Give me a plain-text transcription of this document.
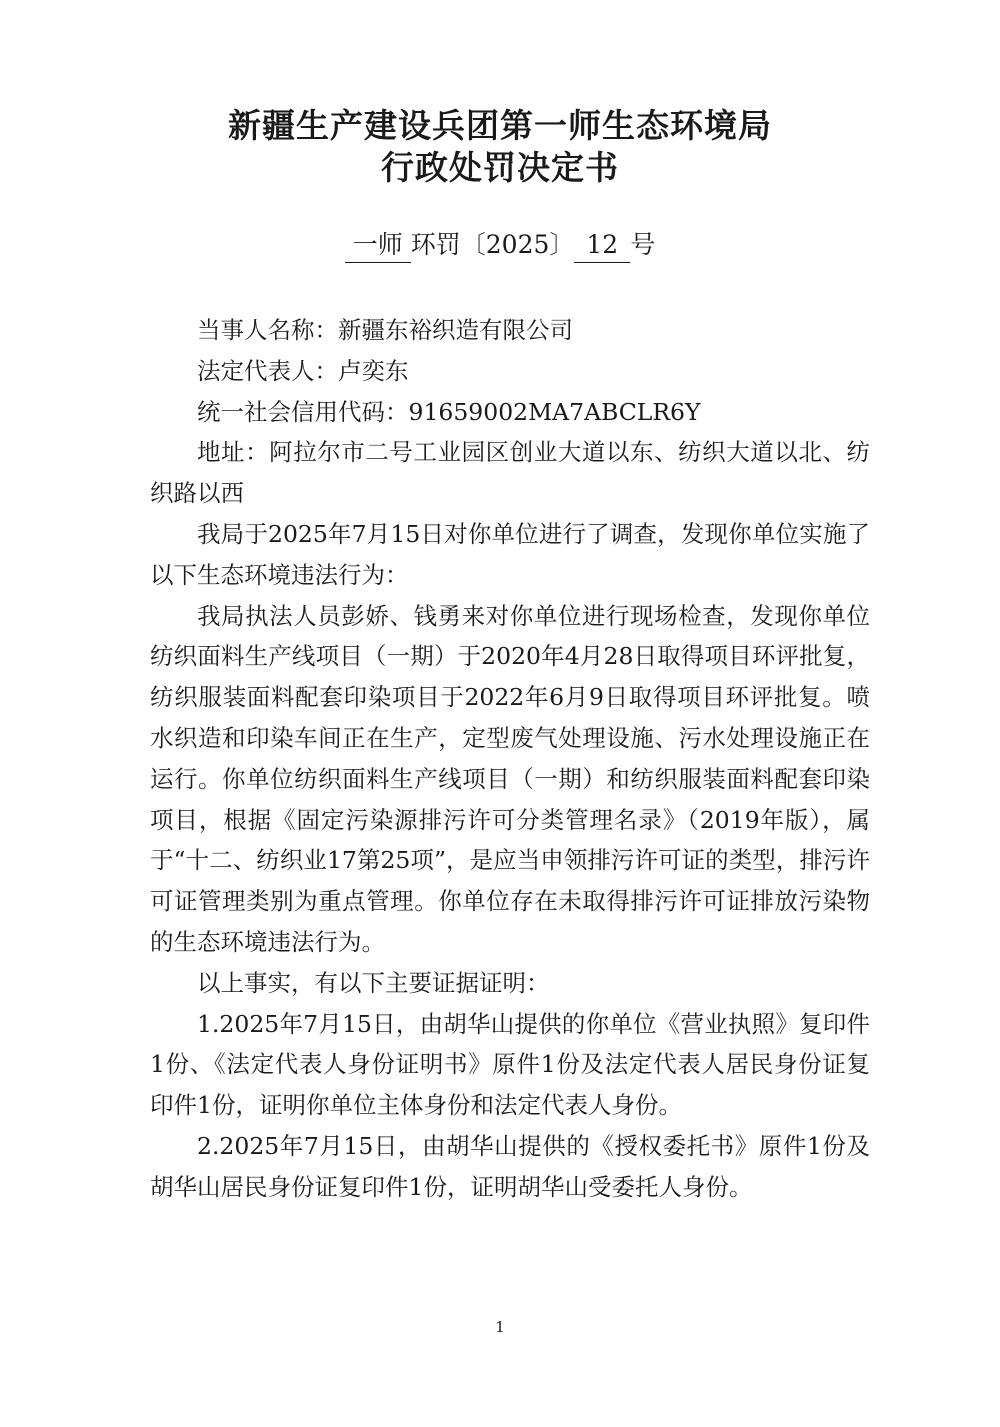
新疆生产建设兵团第一师生态环境局
行政处罚决定书
一师 环罚〔2025〕 12 号

当事人名称：新疆东裕织造有限公司

法定代表人：卢奕东

统一社会信用代码：91659002MA7ABCLR6Y

地址：阿拉尔市二号工业园区创业大道以东、纺织大道以北、纺织路以西

我局于2025年7月15日对你单位进行了调查，发现你单位实施了以下生态环境违法行为：

我局执法人员彭娇、钱勇来对你单位进行现场检查，发现你单位纺织面料生产线项目（一期）于2020年4月28日取得项目环评批复，纺织服装面料配套印染项目于2022年6月9日取得项目环评批复。喷水织造和印染车间正在生产，定型废气处理设施、污水处理设施正在运行。你单位纺织面料生产线项目（一期）和纺织服装面料配套印染项目，根据《固定污染源排污许可分类管理名录》（2019年版），属于“十二、纺织业17第25项”，是应当申领排污许可证的类型，排污许可证管理类别为重点管理。你单位存在未取得排污许可证排放污染物的生态环境违法行为。

以上事实，有以下主要证据证明：

1.2025年7月15日，由胡华山提供的你单位《营业执照》复印件1份、《法定代表人身份证明书》原件1份及法定代表人居民身份证复印件1份，证明你单位主体身份和法定代表人身份。

2.2025年7月15日，由胡华山提供的《授权委托书》原件1份及胡华山居民身份证复印件1份，证明胡华山受委托人身份。

1
